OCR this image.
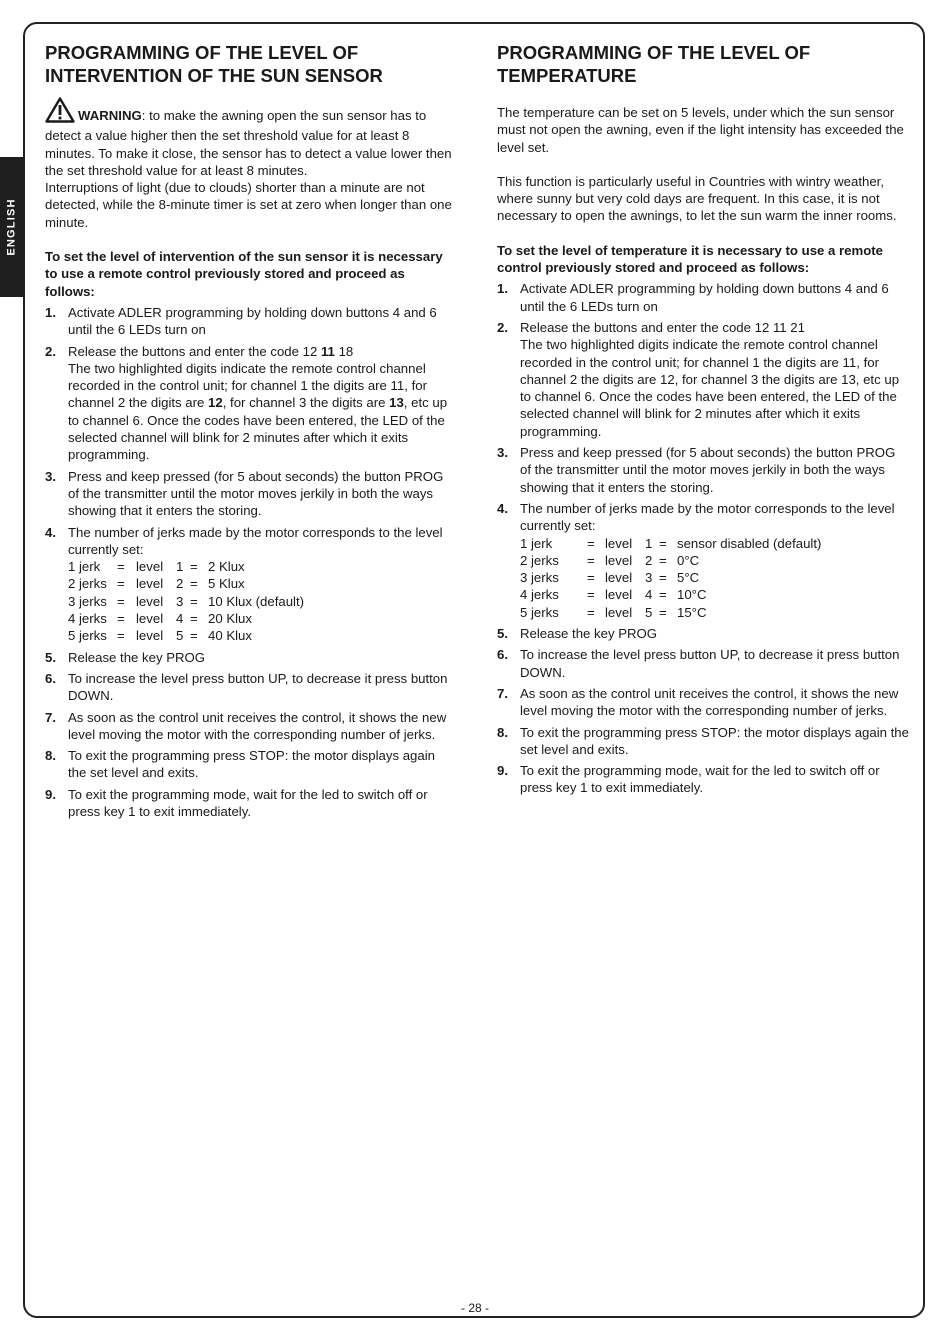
ENGLISH
PROGRAMMING OF THE LEVEL OF INTERVENTION OF THE SUN SENSOR

WARNING: to make the awning open the sun sensor has to detect a value higher then the set threshold value for at least 8 minutes. To make it close, the sensor has to detect a value lower then the set threshold value for at least 8 minutes.

Interruptions of light (due to clouds) shorter than a minute are not detected, while the 8-minute timer is set at zero when longer than one minute.

To set the level of intervention of the sun sensor it is necessary to use a remote control previously stored and proceed as follows:

1. Activate ADLER programming by holding down buttons 4 and 6 until the 6 LEDs turn on
2. Release the buttons and enter the code 12 11 18
The two highlighted digits indicate the remote control channel recorded in the control unit; for channel 1 the digits are 11, for channel 2 the digits are 12, for channel 3 the digits are 13, etc up to channel 6. Once the codes have been entered, the LED of the selected channel will blink for 2 minutes after which it exits programming.
3. Press and keep pressed (for 5 about seconds) the button PROG of the transmitter until the motor moves jerkily in both the ways showing that it enters the storing.
4. The number of jerks made by the motor corresponds to the level currently set:
1 jerk	=	level	1	=	2 Klux
2 jerks	=	level	2	=	5 Klux
3 jerks	=	level	3	=	10 Klux (default)
4 jerks	=	level	4	=	20 Klux
5 jerks	=	level	5	=	40 Klux
5. Release the key PROG
6. To increase the level press button UP, to decrease it press button DOWN.
7. As soon as the control unit receives the control, it shows the new level moving the motor with the corresponding number of jerks.
8. To exit the programming press STOP: the motor displays again the set level and exits.
9. To exit the programming mode, wait for the led to switch off or press key 1 to exit immediately.
PROGRAMMING OF THE LEVEL OF TEMPERATURE

The temperature can be set on 5 levels, under which the sun sensor must not open the awning, even if the light intensity has exceeded the level set.

This function is particularly useful in Countries with wintry weather, where sunny but very cold days are frequent. In this case, it is not necessary to open the awnings, to let the sun warm the inner rooms.

To set the level of temperature it is necessary to use a remote control previously stored and proceed as follows:

1. Activate ADLER programming by holding down buttons 4 and 6 until the 6 LEDs turn on
2. Release the buttons and enter the code 12 11 21
The two highlighted digits indicate the remote control channel recorded in the control unit; for channel 1 the digits are 11, for channel 2 the digits are 12, for channel 3 the digits are 13, etc up to channel 6. Once the codes have been entered, the LED of the selected channel will blink for 2 minutes after which it exits programming.
3. Press and keep pressed (for 5 about seconds) the button PROG of the transmitter until the motor moves jerkily in both the ways showing that it enters the storing.
4. The number of jerks made by the motor corresponds to the level currently set:
1 jerk	=	level	1	=	sensor disabled (default)
2 jerks	=	level	2	=	0°C
3 jerks	=	level	3	=	5°C
4 jerks	=	level	4	=	10°C
5 jerks	=	level	5	=	15°C
5. Release the key PROG
6. To increase the level press button UP, to decrease it press button DOWN.
7. As soon as the control unit receives the control, it shows the new level moving the motor with the corresponding number of jerks.
8. To exit the programming press STOP: the motor displays again the set level and exits.
9. To exit the programming mode, wait for the led to switch off or press key 1 to exit immediately.
- 28 -
